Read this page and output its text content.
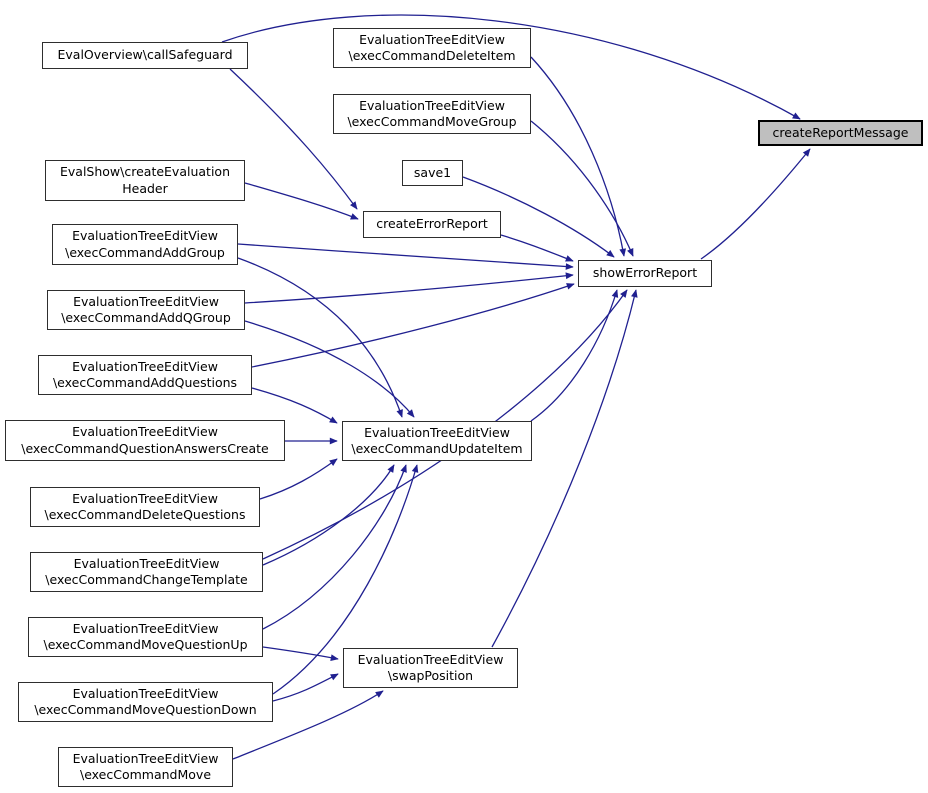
EvalOverview\callSafeguard
EvaluationTreeEditView
\execCommandDeleteItem
EvaluationTreeEditView
\execCommandMoveGroup
save1
createErrorReport
showErrorReport
createReportMessage
EvalShow\createEvaluation
Header
EvaluationTreeEditView
\execCommandAddGroup
EvaluationTreeEditView
\execCommandAddQGroup
EvaluationTreeEditView
\execCommandAddQuestions
EvaluationTreeEditView
\execCommandQuestionAnswersCreate
EvaluationTreeEditView
\execCommandDeleteQuestions
EvaluationTreeEditView
\execCommandChangeTemplate
EvaluationTreeEditView
\execCommandMoveQuestionUp
EvaluationTreeEditView
\execCommandMoveQuestionDown
EvaluationTreeEditView
\execCommandMove
EvaluationTreeEditView
\execCommandUpdateItem
EvaluationTreeEditView
\swapPosition
